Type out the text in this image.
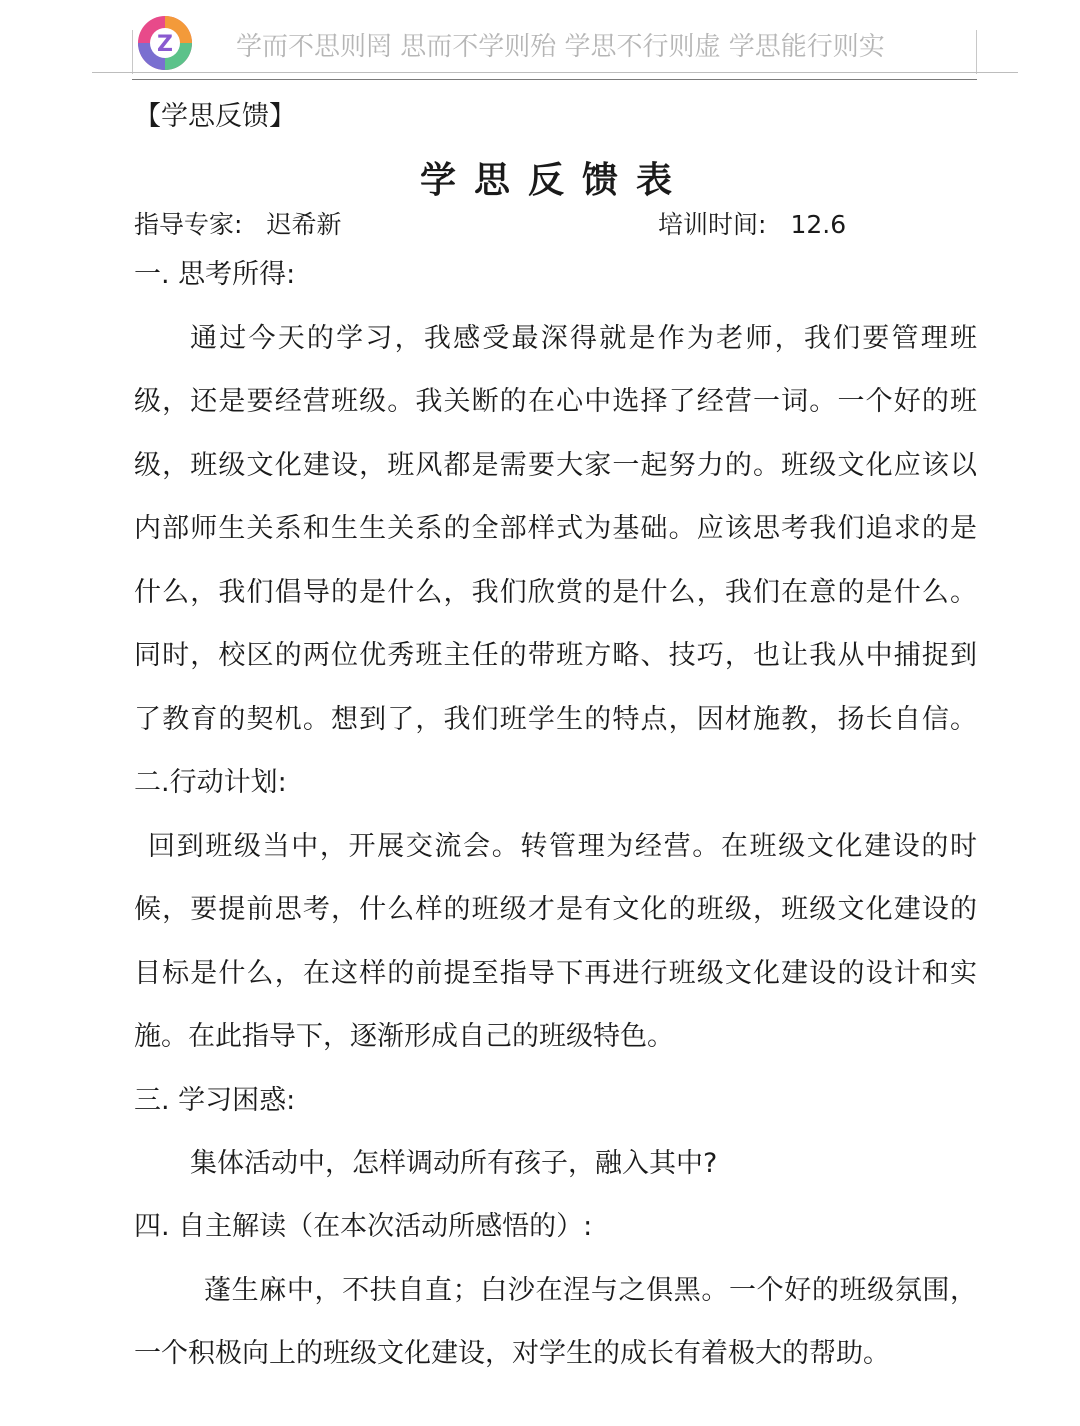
Z 学而不思则罔 思而不学则殆 学思不行则虚 学思能行则实
【学思反馈】
学思反馈表
指导专家: 迟希新	培训时间: 12.6
一. 思考所得:
通过今天的学习，我感受最深得就是作为老师，我们要管理班
级，还是要经营班级。我关断的在心中选择了经营一词。一个好的班
级，班级文化建设，班风都是需要大家一起努力的。班级文化应该以
内部师生关系和生生关系的全部样式为基础。应该思考我们追求的是
什么，我们倡导的是什么，我们欣赏的是什么，我们在意的是什么。
同时，校区的两位优秀班主任的带班方略、技巧，也让我从中捕捉到
了教育的契机。想到了，我们班学生的特点，因材施教，扬长自信。
二.行动计划:
回到班级当中，开展交流会。转管理为经营。在班级文化建设的时
候，要提前思考，什么样的班级才是有文化的班级，班级文化建设的
目标是什么，在这样的前提至指导下再进行班级文化建设的设计和实
施。在此指导下，逐渐形成自己的班级特色。
三. 学习困惑:
集体活动中，怎样调动所有孩子，融入其中?
四. 自主解读（在本次活动所感悟的）:
蓬生麻中，不扶自直；白沙在涅与之俱黑。一个好的班级氛围，
一个积极向上的班级文化建设，对学生的成长有着极大的帮助。
